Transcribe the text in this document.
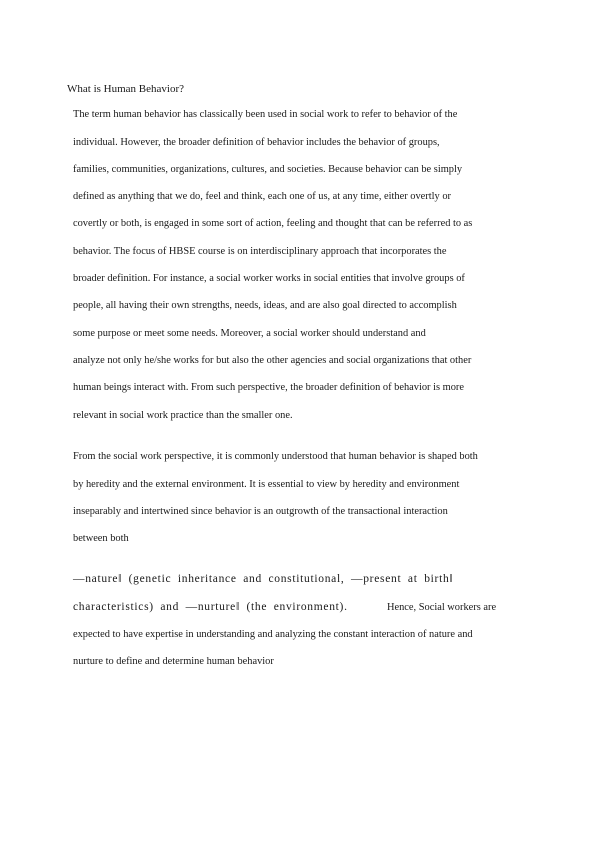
What is Human Behavior?
The term human behavior has classically been used in social work to refer to behavior of the
individual. However, the broader definition of behavior includes the behavior of groups,
families, communities, organizations, cultures, and societies. Because behavior can be simply
defined as anything that we do, feel and think, each one of us, at any time, either overtly or
covertly or both, is engaged in some sort of action, feeling and thought that can be referred to as
behavior. The focus of HBSE course is on interdisciplinary approach that incorporates the
broader definition. For instance, a social worker works in social entities that involve groups of
people, all having their own strengths, needs, ideas, and are also goal directed to accomplish
some purpose or meet some needs. Moreover, a social worker should understand and
analyze not only he/she works for but also the other agencies and social organizations that other
human beings interact with. From such perspective, the broader definition of behavior is more
relevant in social work practice than the smaller one.
From the social work perspective, it is commonly understood that human behavior is shaped both
by heredity and the external environment. It is essential to view by heredity and environment
inseparably and intertwined since behavior is an outgrowth of the transactional interaction
between both
―nature‖ (genetic inheritance and constitutional, ―present at birth‖
characteristics) and ―nurture‖ (the environment).	Hence, Social workers are
expected to have expertise in understanding and analyzing the constant interaction of nature and
nurture to define and determine human behavior
